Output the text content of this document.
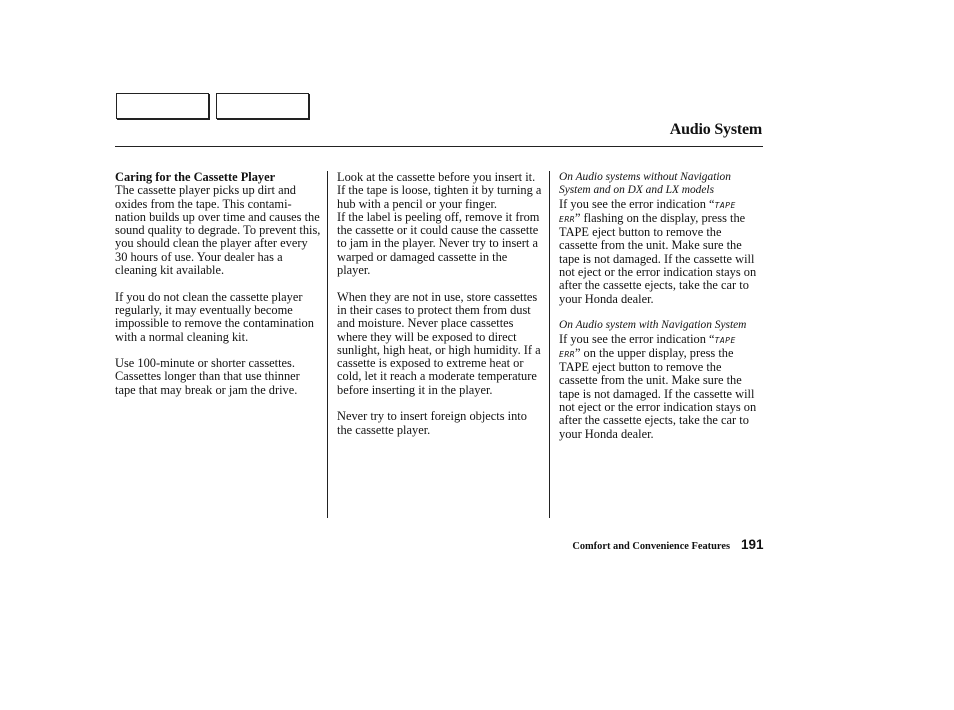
Audio System

Caring for the Cassette Player
The cassette player picks up dirt and oxides from the tape. This contami-nation builds up over time and causes the sound quality to degrade. To prevent this, you should clean the player after every 30 hours of use. Your dealer has a cleaning kit available.

If you do not clean the cassette player regularly, it may eventually become impossible to remove the contamination with a normal cleaning kit.

Use 100-minute or shorter cassettes. Cassettes longer than that use thinner tape that may break or jam the drive.

Look at the cassette before you insert it. If the tape is loose, tighten it by turning a hub with a pencil or your finger.
If the label is peeling off, remove it from the cassette or it could cause the cassette to jam in the player. Never try to insert a warped or damaged cassette in the player.

When they are not in use, store cassettes in their cases to protect them from dust and moisture. Never place cassettes where they will be exposed to direct sunlight, high heat, or high humidity. If a cassette is exposed to extreme heat or cold, let it reach a moderate temperature before inserting it in the player.

Never try to insert foreign objects into the cassette player.

On Audio systems without Navigation System and on DX and LX models
If you see the error indication “TAPE ERR” flashing on the display, press the TAPE eject button to remove the cassette from the unit. Make sure the tape is not damaged. If the cassette will not eject or the error indication stays on after the cassette ejects, take the car to your Honda dealer.

On Audio system with Navigation System
If you see the error indication “TAPE ERR” on the upper display, press the TAPE eject button to remove the cassette from the unit. Make sure the tape is not damaged. If the cassette will not eject or the error indication stays on after the cassette ejects, take the car to your Honda dealer.

Comfort and Convenience Features 191
